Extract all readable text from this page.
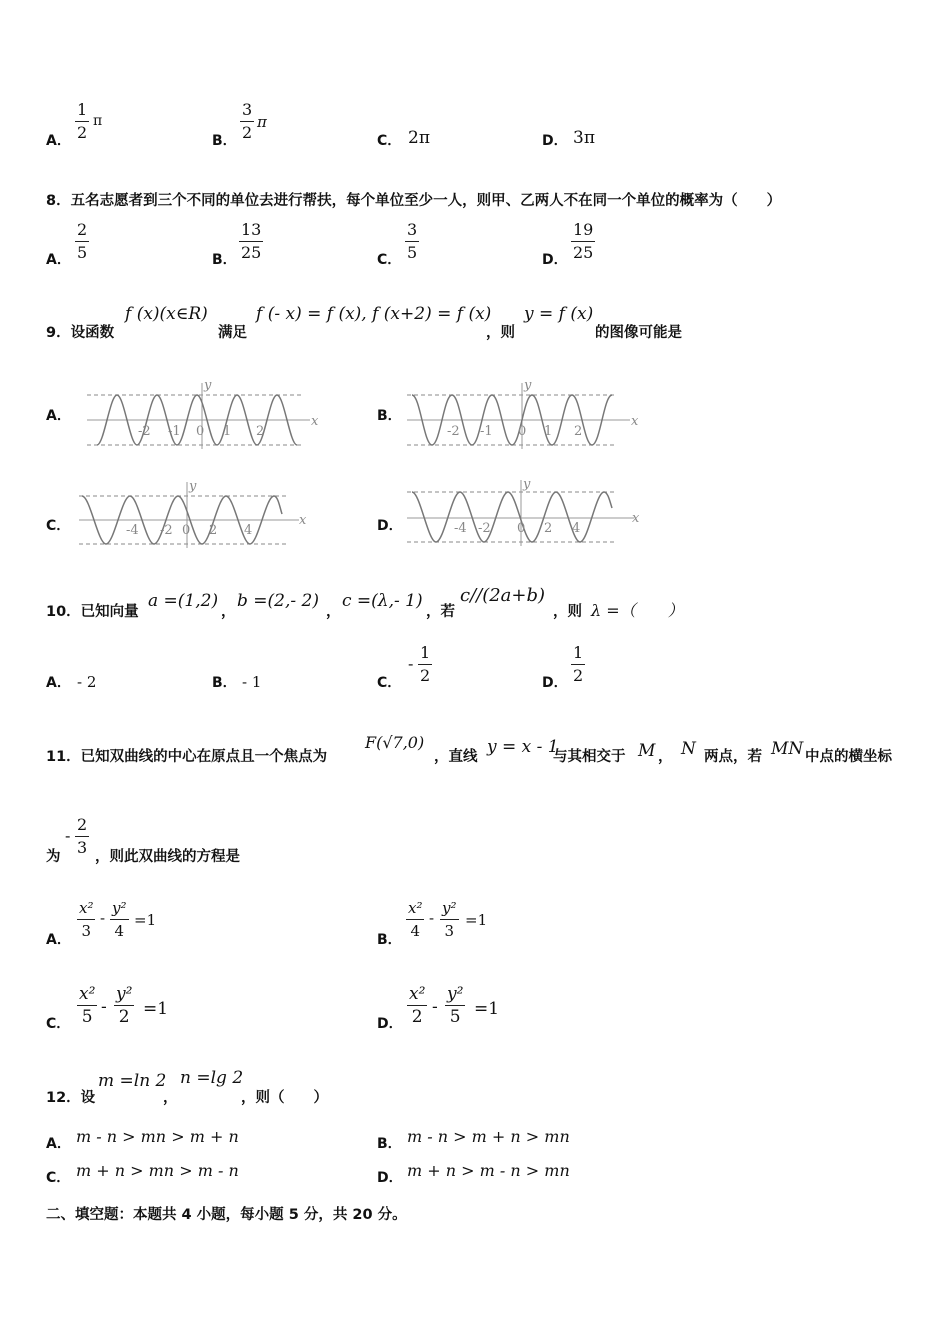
A．
1
2
π
B．
3
2
π
C． 2π	D． 3π
8．五名志愿者到三个不同的单位去进行帮扶，每个单位至少一人，则甲、乙两人不在同一个单位的概率为（　　）
A．
2
5	B．
13
25	C．
3
5	D．
19
25
9．设函数
f (x)(x∈R)
满足
f (- x) = f (x), f (x+2) = f (x)
，则
y = f (x)
的图像可能是
A．	B．
C．	D．
y
x
-2 -1 0 1 2
y
x
-2 -1 0 1 2
y
x
-4 -2 0 2 4
y
x
-4 -2 0 2 4
10．已知向量
a =(1,2)
，
b =(2,- 2)
，
c =(λ,- 1)
，若
c//(2a+b)
，则 λ =（　　）
A． - 2	B． - 1	C．
-
1
2	D．
1
2
11．已知双曲线的中心在原点且一个焦点为
F(√7,0)
，直线 y = x - 1
与其相交于 M ， N 两点，若 MN 中点的横坐标
为
-
2
3 ，则此双曲线的方程是
A．
x²
3
-
y²
4
=1
B．
x²
4
-
y²
3
=1
C．
x²
5 -
y²
2 =1
D．
x²
2 -
y²
5 =1
12．设
m =ln 2
，
n =lg 2
，则（　　）
A． m - n > mn > m + n	B． m - n > m + n > mn
C． m + n > mn > m - n	D． m + n > m - n > mn
二、填空题：本题共 4 小题，每小题 5 分，共 20 分。
